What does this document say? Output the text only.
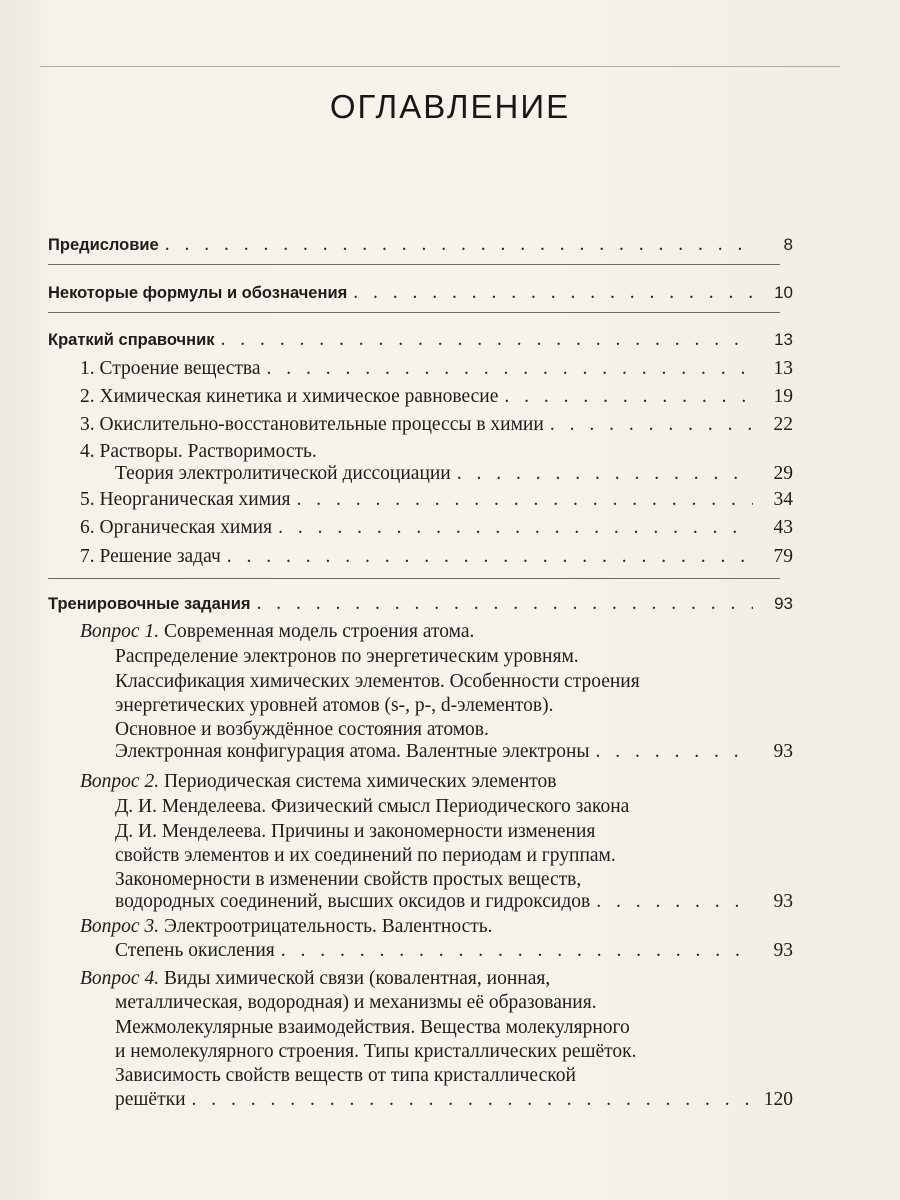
ОГЛАВЛЕНИЕ
Предисловие . . .	8
Некоторые формулы и обозначения . . .	10
Краткий справочник . . .	13
1. Строение вещества . . .	13
2. Химическая кинетика и химическое равновесие . . .	19
3. Окислительно-восстановительные процессы в химии . . .	22
4. Растворы. Растворимость.
Теория электролитической диссоциации . . .	29
5. Неорганическая химия . . .	34
6. Органическая химия . . .	43
7. Решение задач . . .	79
Тренировочные задания . . .	93
Вопрос 1. Современная модель строения атома.
Распределение электронов по энергетическим уровням.
Классификация химических элементов. Особенности строения
энергетических уровней атомов (s-, p-, d-элементов).
Основное и возбуждённое состояния атомов.
Электронная конфигурация атома. Валентные электроны . . .	93
Вопрос 2. Периодическая система химических элементов
Д. И. Менделеева. Физический смысл Периодического закона
Д. И. Менделеева. Причины и закономерности изменения
свойств элементов и их соединений по периодам и группам.
Закономерности в изменении свойств простых веществ,
водородных соединений, высших оксидов и гидроксидов . . .	93
Вопрос 3. Электроотрицательность. Валентность.
Степень окисления . . .	93
Вопрос 4. Виды химической связи (ковалентная, ионная,
металлическая, водородная) и механизмы её образования.
Межмолекулярные взаимодействия. Вещества молекулярного
и немолекулярного строения. Типы кристаллических решёток.
Зависимость свойств веществ от типа кристаллической
решётки . . .	120
